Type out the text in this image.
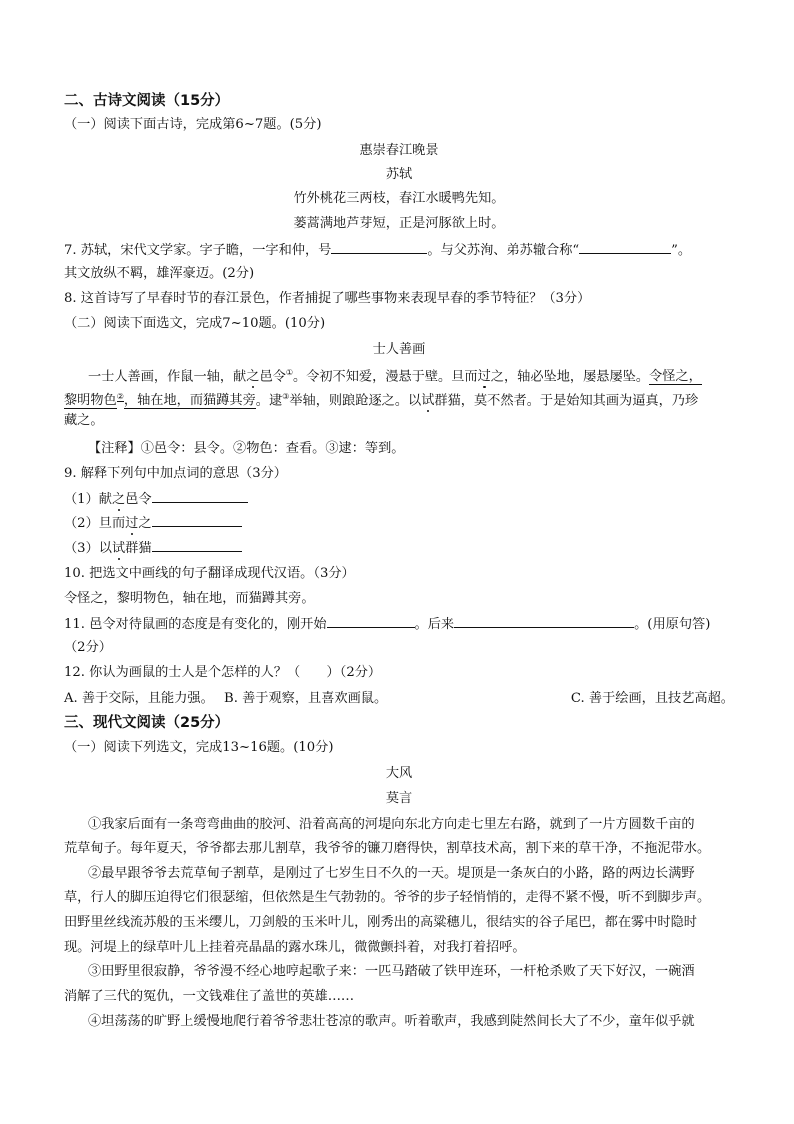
二、古诗文阅读（15分）
（一）阅读下面古诗，完成第6~7题。(5分)
惠崇春江晚景
苏轼
竹外桃花三两枝，春江水暖鸭先知。
蒌蒿满地芦芽短，正是河豚欲上时。
7. 苏轼，宋代文学家。字子瞻，一字和仲，号	。与父苏洵、弟苏辙合称“	”。
其文放纵不羁，雄浑豪迈。(2分)
8. 这首诗写了早春时节的春江景色，作者捕捉了哪些事物来表现早春的季节特征？（3分）
（二）阅读下面选文，完成7~10题。(10分)
士人善画
一士人善画，作鼠一轴，献之邑令①。令初不知爱，漫悬于壁。旦而过之，轴必坠地，屡悬屡坠。令怪之，
黎明物色②，轴在地，而猫蹲其旁。逮③举轴，则踉跄逐之。以试群猫，莫不然者。于是始知其画为逼真，乃珍
藏之。
【注释】①邑令：县令。②物色：查看。③逮：等到。
9. 解释下列句中加点词的意思（3分）
（1）献之邑令
（2）旦而过之
（3）以试群猫
10. 把选文中画线的句子翻译成现代汉语。（3分）
令怪之，黎明物色，轴在地，而猫蹲其旁。
11. 邑令对待鼠画的态度是有变化的，刚开始	。后来	。(用原句答)
（2分）
12. 你认为画鼠的士人是个怎样的人？（　　）（2分）
A. 善于交际，且能力强。 B. 善于观察，且喜欢画鼠。	C. 善于绘画，且技艺高超。
三、现代文阅读（25分）
（一）阅读下列选文，完成13~16题。(10分)
大风
莫言
①我家后面有一条弯弯曲曲的胶河、沿着高高的河堤向东北方向走七里左右路，就到了一片方圆数千亩的
荒草甸子。每年夏天，爷爷都去那儿割草，我爷爷的镰刀磨得快，割草技术高，割下来的草干净，不拖泥带水。
②最早跟爷爷去荒草甸子割草，是刚过了七岁生日不久的一天。堤顶是一条灰白的小路，路的两边长满野
草，行人的脚压迫得它们很瑟缩，但依然是生气勃勃的。爷爷的步子轻悄悄的，走得不紧不慢，听不到脚步声。
田野里丝线流苏般的玉米缨儿，刀剑般的玉米叶儿，刚秀出的高粱穗儿，很结实的谷子尾巴，都在雾中时隐时
现。河堤上的绿草叶儿上挂着亮晶晶的露水珠儿，微微颤抖着，对我打着招呼。
③田野里很寂静，爷爷漫不经心地哼起歌子来：一匹马踏破了铁甲连环，一杆枪杀败了天下好汉，一碗酒
消解了三代的冤仇，一文钱难住了盖世的英雄……
④坦荡荡的旷野上缓慢地爬行着爷爷悲壮苍凉的歌声。听着歌声，我感到陡然间长大了不少，童年似乎就
